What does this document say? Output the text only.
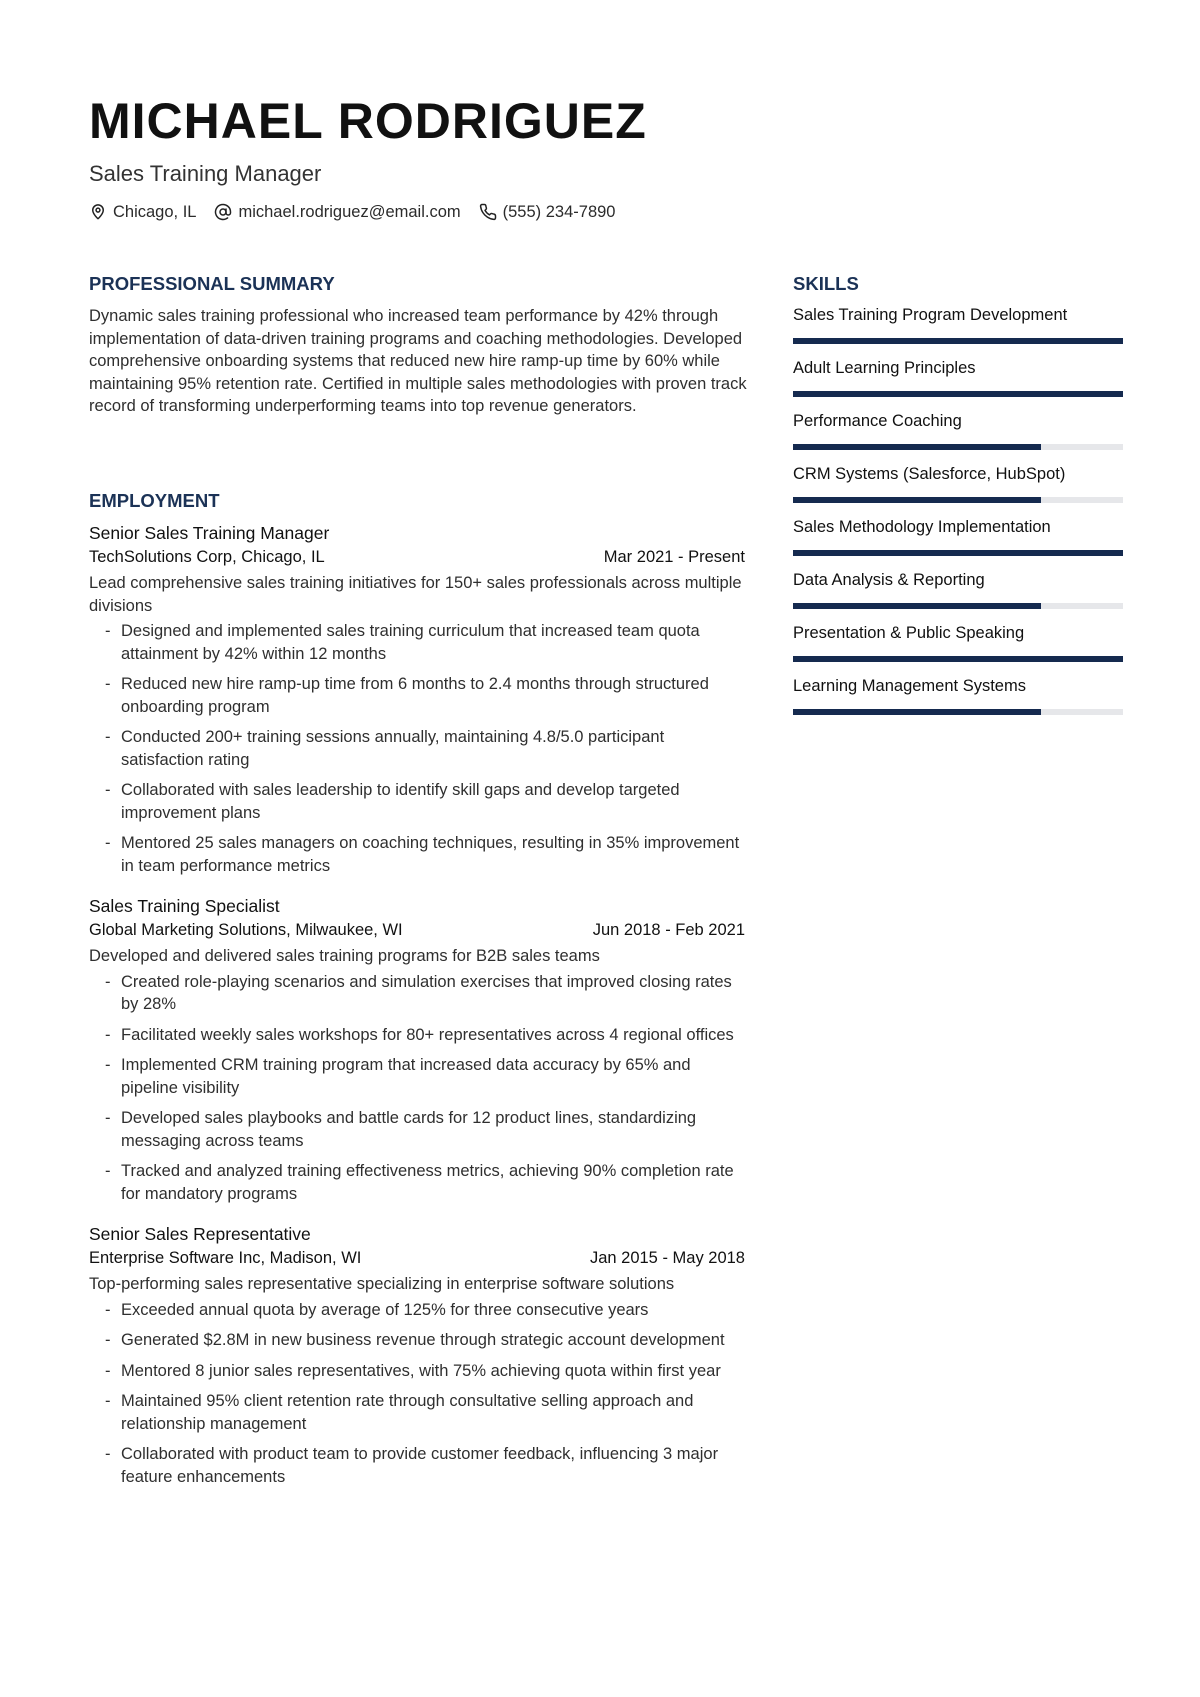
MICHAEL RODRIGUEZ
Sales Training Manager
Chicago, IL	michael.rodriguez@email.com	(555) 234-7890
PROFESSIONAL SUMMARY

Dynamic sales training professional who increased team performance by 42% through implementation of data-driven training programs and coaching methodologies. Developed comprehensive onboarding systems that reduced new hire ramp-up time by 60% while maintaining 95% retention rate. Certified in multiple sales methodologies with proven track record of transforming underperforming teams into top revenue generators.

EMPLOYMENT
Senior Sales Training Manager
TechSolutions Corp, Chicago, IL	Mar 2021 - Present
Lead comprehensive sales training initiatives for 150+ sales professionals across multiple divisions
- Designed and implemented sales training curriculum that increased team quota attainment by 42% within 12 months
- Reduced new hire ramp-up time from 6 months to 2.4 months through structured onboarding program
- Conducted 200+ training sessions annually, maintaining 4.8/5.0 participant satisfaction rating
- Collaborated with sales leadership to identify skill gaps and develop targeted improvement plans
- Mentored 25 sales managers on coaching techniques, resulting in 35% improvement in team performance metrics
Sales Training Specialist
Global Marketing Solutions, Milwaukee, WI	Jun 2018 - Feb 2021
Developed and delivered sales training programs for B2B sales teams
- Created role-playing scenarios and simulation exercises that improved closing rates by 28%
- Facilitated weekly sales workshops for 80+ representatives across 4 regional offices
- Implemented CRM training program that increased data accuracy by 65% and pipeline visibility
- Developed sales playbooks and battle cards for 12 product lines, standardizing messaging across teams
- Tracked and analyzed training effectiveness metrics, achieving 90% completion rate for mandatory programs
Senior Sales Representative
Enterprise Software Inc, Madison, WI	Jan 2015 - May 2018
Top-performing sales representative specializing in enterprise software solutions
- Exceeded annual quota by average of 125% for three consecutive years
- Generated $2.8M in new business revenue through strategic account development
- Mentored 8 junior sales representatives, with 75% achieving quota within first year
- Maintained 95% client retention rate through consultative selling approach and relationship management
- Collaborated with product team to provide customer feedback, influencing 3 major feature enhancements
SKILLS
Sales Training Program Development
Adult Learning Principles
Performance Coaching
CRM Systems (Salesforce, HubSpot)
Sales Methodology Implementation
Data Analysis & Reporting
Presentation & Public Speaking
Learning Management Systems
